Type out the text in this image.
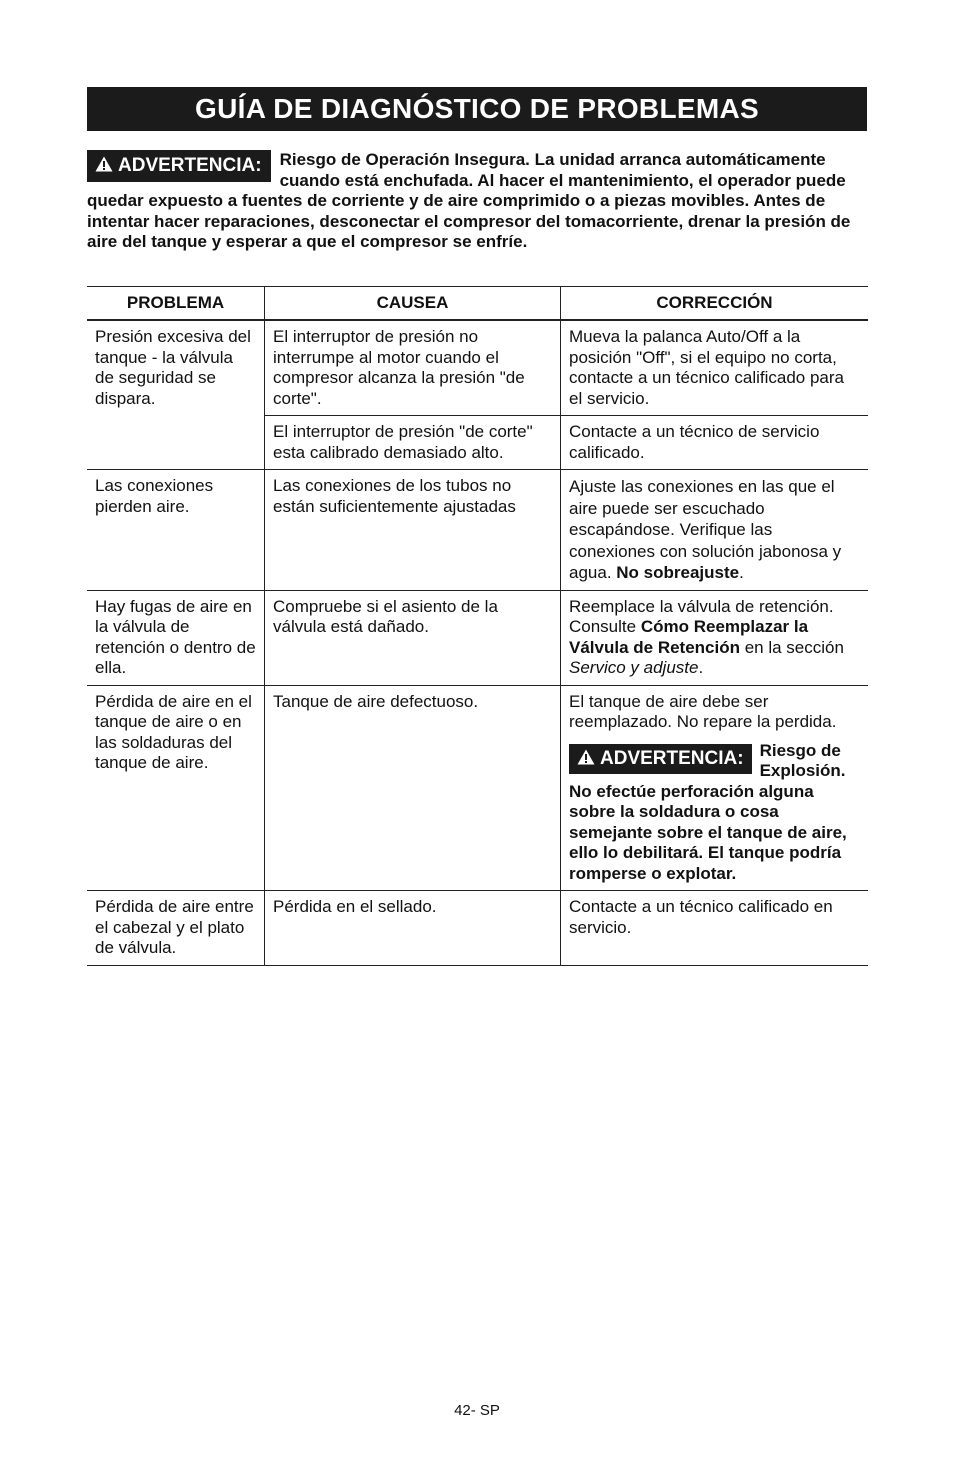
GUÍA DE DIAGNÓSTICO DE PROBLEMAS
ADVERTENCIA: Riesgo de Operación Insegura. La unidad arranca automáticamente cuando está enchufada. Al hacer el mantenimiento, el operador puede quedar expuesto a fuentes de corriente y de aire comprimido o a piezas movibles. Antes de intentar hacer reparaciones, desconectar el compresor del tomacorriente, drenar la presión de aire del tanque y esperar a que el compresor se enfríe.
PROBLEMA	CAUSEA	CORRECCIÓN
Presión excesiva del tanque - la válvula de seguridad se dispara.	El interruptor de presión no interrumpe al motor cuando el compresor alcanza la presión "de corte".	Mueva la palanca Auto/Off a la posición "Off", si el equipo no corta, contacte a un técnico calificado para el servicio.
	El interruptor de presión "de corte" esta calibrado demasiado alto.	Contacte a un técnico de servicio calificado.
Las conexiones pierden aire.	Las conexiones de los tubos no están suficientemente ajustadas	Ajuste las conexiones en las que el aire puede ser escuchado escapándose. Verifique las conexiones con solución jabonosa y agua. No sobreajuste.
Hay fugas de aire en la válvula de retención o dentro de ella.	Compruebe si el asiento de la válvula está dañado.	Reemplace la válvula de retención. Consulte Cómo Reemplazar la Válvula de Retención en la sección Servico y adjuste.
Pérdida de aire en el tanque de aire o en las soldaduras del tanque de aire.	Tanque de aire defectuoso.	El tanque de aire debe ser reemplazado. No repare la perdida.
ADVERTENCIA: Riesgo de Explosión. No efectúe perforación alguna sobre la soldadura o cosa semejante sobre el tanque de aire, ello lo debilitará. El tanque podría romperse o explotar.

Pérdida de aire entre el cabezal y el plato de válvula.	Pérdida en el sellado.	Contacte a un técnico calificado en servicio.
42- SP
